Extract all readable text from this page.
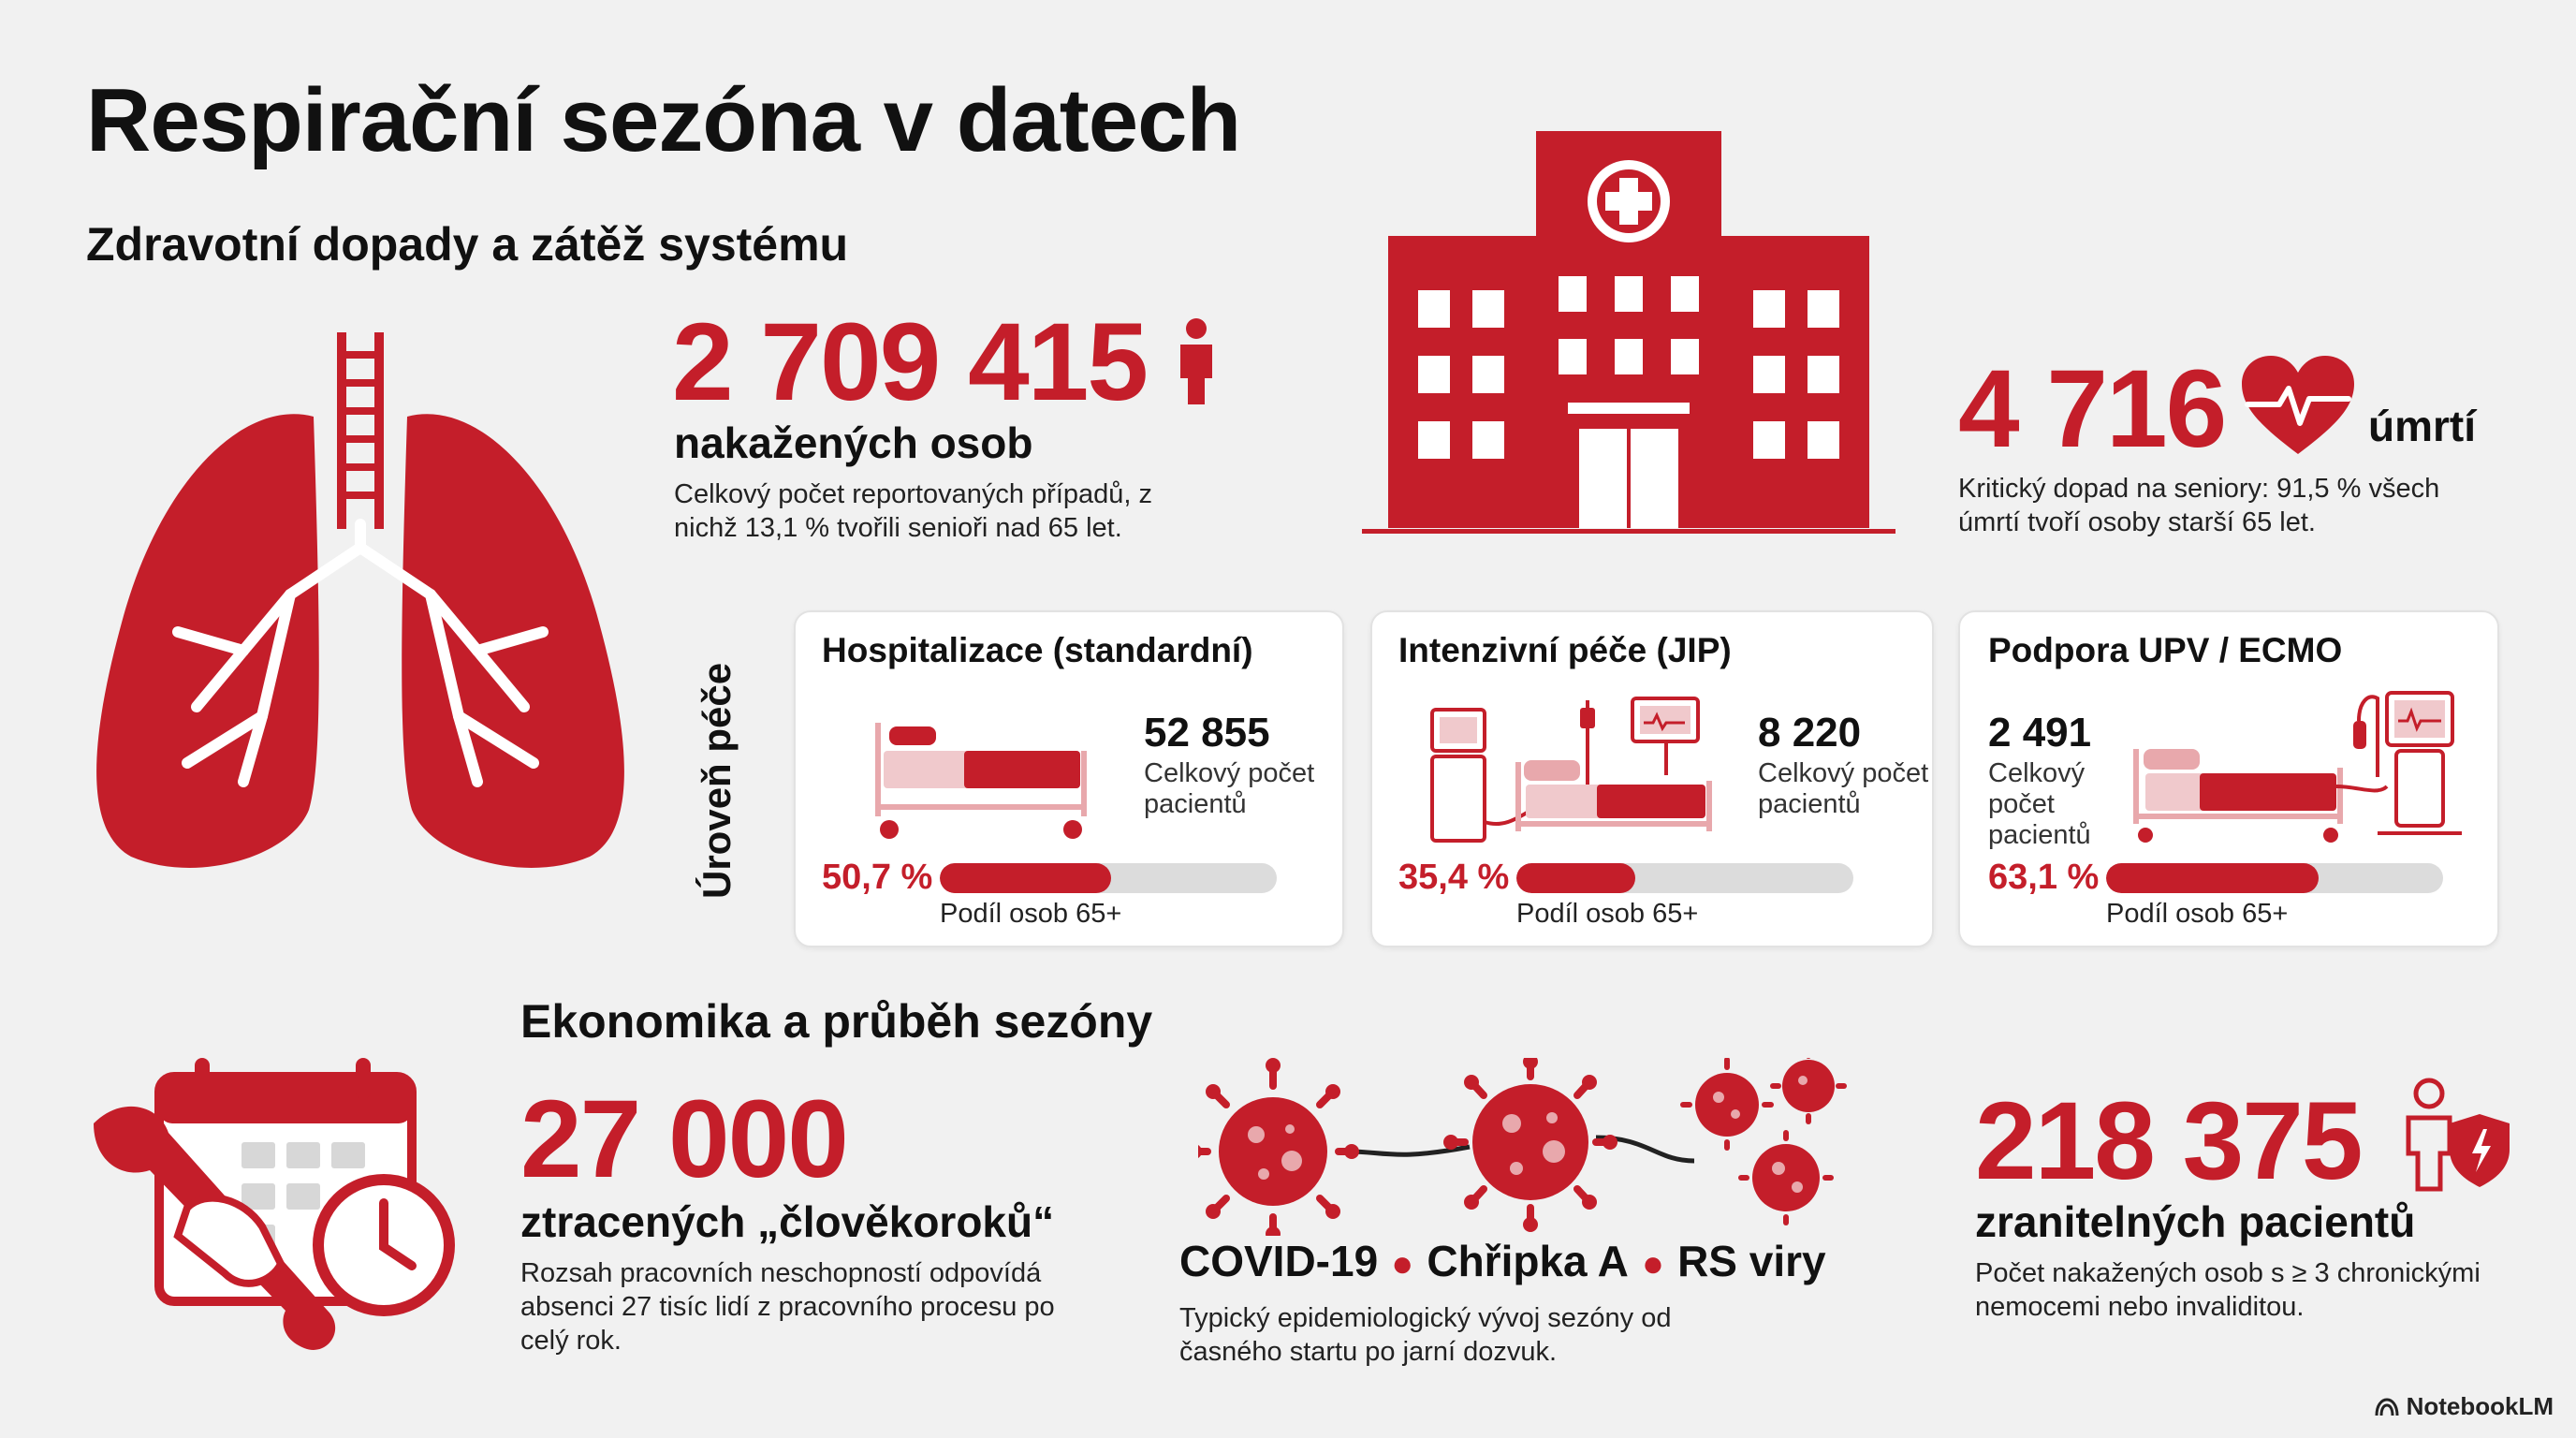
Respirační sezóna v datech
Zdravotní dopady a zátěž systému
2 709 415
nakažených osob
Celkový počet reportovaných případů, z nichž 13,1 % tvořili senioři nad 65 let.
4 716	úmrtí
Kritický dopad na seniory: 91,5 % všech úmrtí tvoří osoby starší 65 let.
Úroveň péče
Hospitalizace (standardní)
52 855
Celkový počet pacientů
50,7 %
Podíl osob 65+
Intenzivní péče (JIP)
8 220
Celkový počet pacientů
35,4 %
Podíl osob 65+
Podpora UPV / ECMO
2 491
Celkový počet pacientů
63,1 %
Podíl osob 65+
Ekonomika a průběh sezóny
27 000
ztracených „člověkoroků“
Rozsah pracovních neschopností odpovídá absenci 27 tisíc lidí z pracovního procesu po celý rok.
COVID-19 ● Chřipka A ● RS viry
Typický epidemiologický vývoj sezóny od časného startu po jarní dozvuk.
218 375
zranitelných pacientů
Počet nakažených osob s ≥ 3 chronickými nemocemi nebo invaliditou.
NotebookLM
